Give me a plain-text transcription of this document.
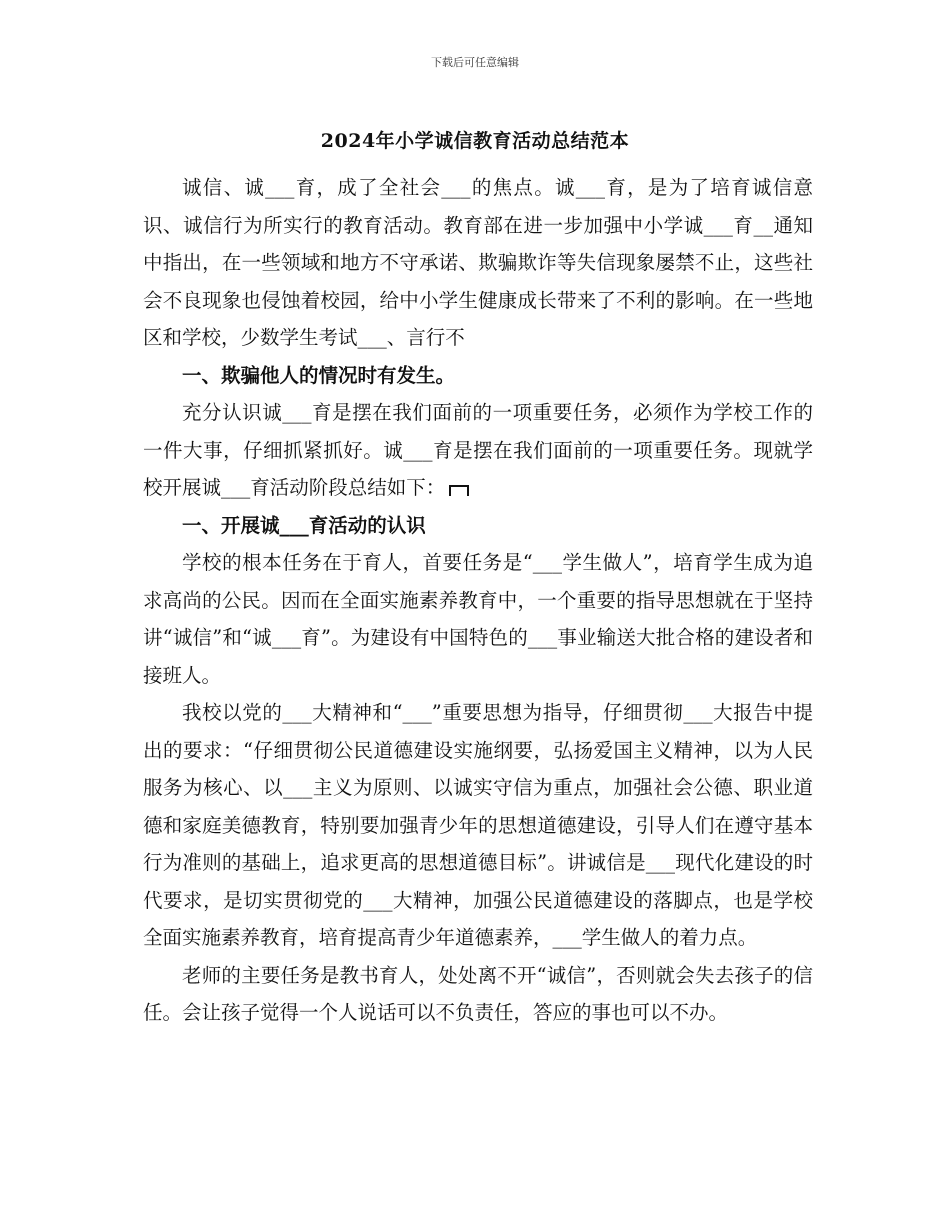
下载后可任意编辑
2024年小学诚信教育活动总结范本

诚信、诚___育，成了全社会___的焦点。诚___育，是为了培育诚信意识、诚信行为所实行的教育活动。教育部在进一步加强中小学诚___育__通知中指出，在一些领域和地方不守承诺、欺骗欺诈等失信现象屡禁不止，这些社会不良现象也侵蚀着校园，给中小学生健康成长带来了不利的影响。在一些地区和学校，少数学生考试___、言行不

一、欺骗他人的情况时有发生。

充分认识诚___育是摆在我们面前的一项重要任务，必须作为学校工作的一件大事，仔细抓紧抓好。诚___育是摆在我们面前的一项重要任务。现就学校开展诚___育活动阶段总结如下：

一、开展诚___育活动的认识

学校的根本任务在于育人，首要任务是“___学生做人”，培育学生成为追求高尚的公民。因而在全面实施素养教育中，一个重要的指导思想就在于坚持讲“诚信”和“诚___育”。为建设有中国特色的___事业输送大批合格的建设者和接班人。

我校以党的___大精神和“___”重要思想为指导，仔细贯彻___大报告中提出的要求：“仔细贯彻公民道德建设实施纲要，弘扬爱国主义精神，以为人民服务为核心、以___主义为原则、以诚实守信为重点，加强社会公德、职业道德和家庭美德教育，特别要加强青少年的思想道德建设，引导人们在遵守基本行为准则的基础上，追求更高的思想道德目标”。讲诚信是___现代化建设的时代要求，是切实贯彻党的___大精神，加强公民道德建设的落脚点，也是学校全面实施素养教育，培育提高青少年道德素养，___学生做人的着力点。

老师的主要任务是教书育人，处处离不开“诚信”，否则就会失去孩子的信任。会让孩子觉得一个人说话可以不负责任，答应的事也可以不办。
